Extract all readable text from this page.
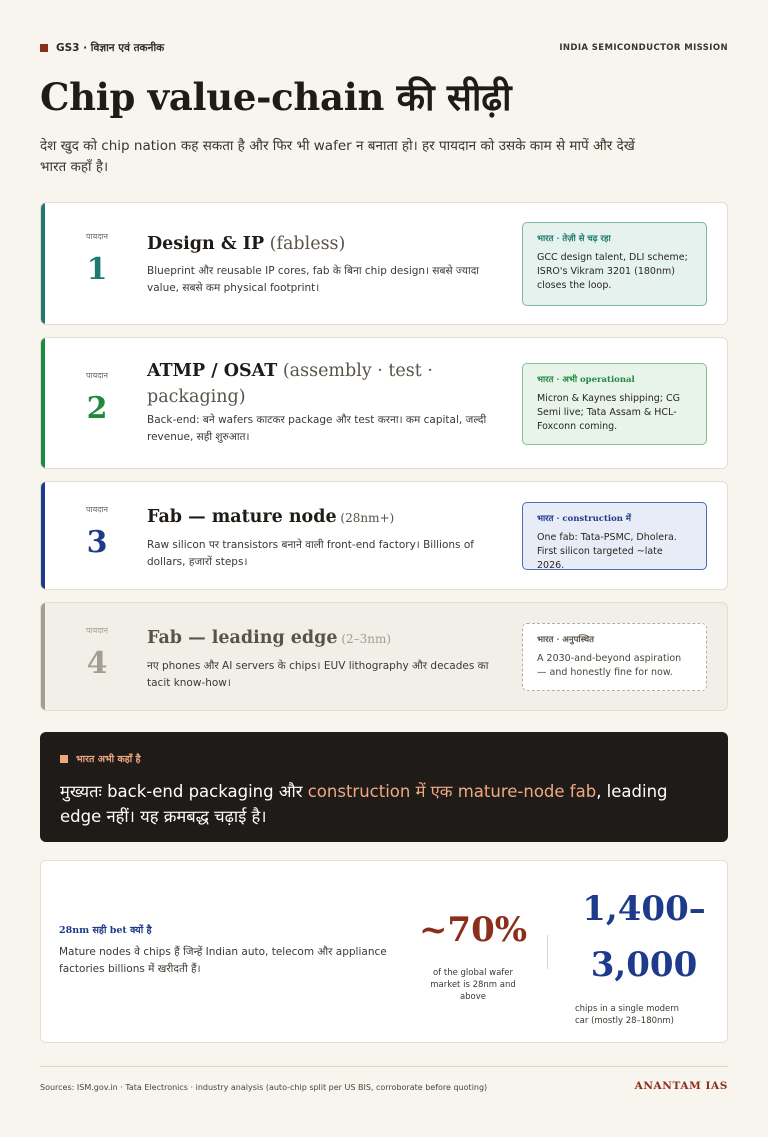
GS3 · विज्ञान एवं तकनीक	INDIA SEMICONDUCTOR MISSION
Chip value-chain की सीढ़ी

देश खुद को chip nation कह सकता है और फिर भी wafer न बनाता हो। हर पायदान को उसके काम से मापें और देखें भारत कहाँ है।

पायदान
1
Design & IP (fabless)
Blueprint और reusable IP cores, fab के बिना chip design। सबसे ज्यादा value, सबसे कम physical footprint।
भारत · तेज़ी से चढ़ रहा
GCC design talent, DLI scheme; ISRO's Vikram 3201 (180nm) closes the loop.
पायदान
2
ATMP / OSAT (assembly · test · packaging)
Back-end: बने wafers काटकर package और test करना। कम capital, जल्दी revenue, सही शुरुआत।
भारत · अभी operational
Micron & Kaynes shipping; CG Semi live; Tata Assam & HCL-Foxconn coming.
पायदान
3
Fab — mature node (28nm+)
Raw silicon पर transistors बनाने वाली front-end factory। Billions of dollars, हजारों steps।
भारत · construction में
One fab: Tata-PSMC, Dholera. First silicon targeted ~late 2026.
पायदान
4
Fab — leading edge (2–3nm)
नए phones और AI servers के chips। EUV lithography और decades का tacit know-how।
भारत · अनुपस्थित
A 2030-and-beyond aspiration — and honestly fine for now.
भारत अभी कहाँ है
मुख्यतः back-end packaging और construction में एक mature-node fab, leading edge नहीं। यह क्रमबद्ध चढ़ाई है।
28nm सही bet क्यों है
Mature nodes वे chips हैं जिन्हें Indian auto, telecom और appliance factories billions में खरीदती हैं।
~70%
of the global wafer market is 28nm and above
1,400–3,000
chips in a single modern car (mostly 28–180nm)
Sources: ISM.gov.in · Tata Electronics · industry analysis (auto-chip split per US BIS, corroborate before quoting)	ANANTAM IAS
